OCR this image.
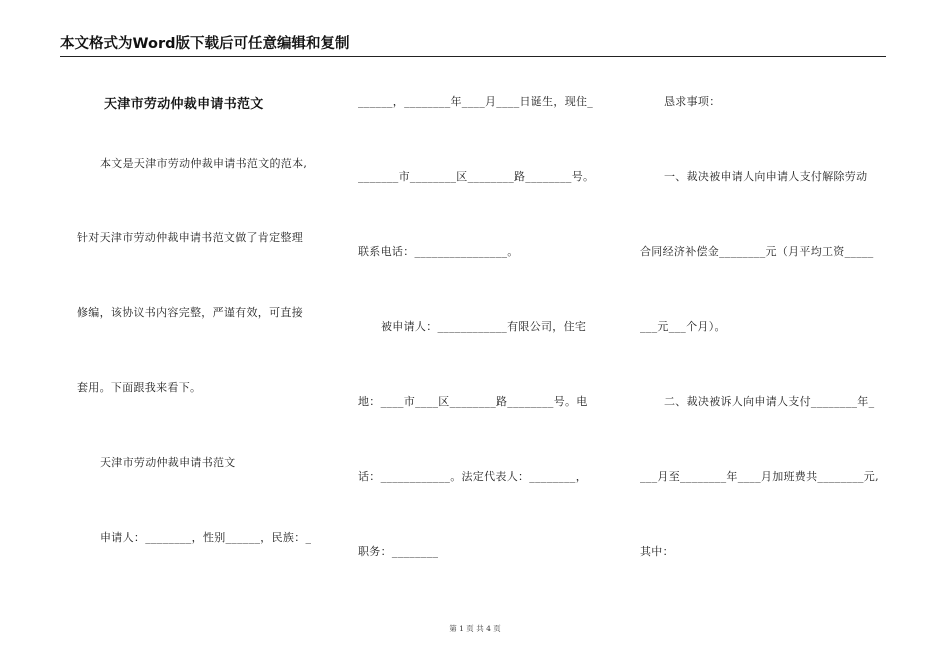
本文格式为Word版下载后可任意编辑和复制
天津市劳动仲裁申请书范文
本文是天津市劳动仲裁申请书范文的范本,
针对天津市劳动仲裁申请书范文做了肯定整理
修编，该协议书内容完整，严谨有效，可直接
套用。下面跟我来看下。
天津市劳动仲裁申请书范文
申请人：________，性别______，民族：_
______，________年____月____日诞生，现住_
_______市________区________路________号。
联系电话：________________。
被申请人：____________有限公司，住宅
地：____市____区________路________号。电
话：____________。法定代表人：________，
职务：________
恳求事项：
一、裁决被申请人向申请人支付解除劳动
合同经济补偿金________元（月平均工资_____
___元___个月）。
二、裁决被诉人向申请人支付________年_
___月至________年____月加班费共________元,
其中：
第 1 页 共 4 页
